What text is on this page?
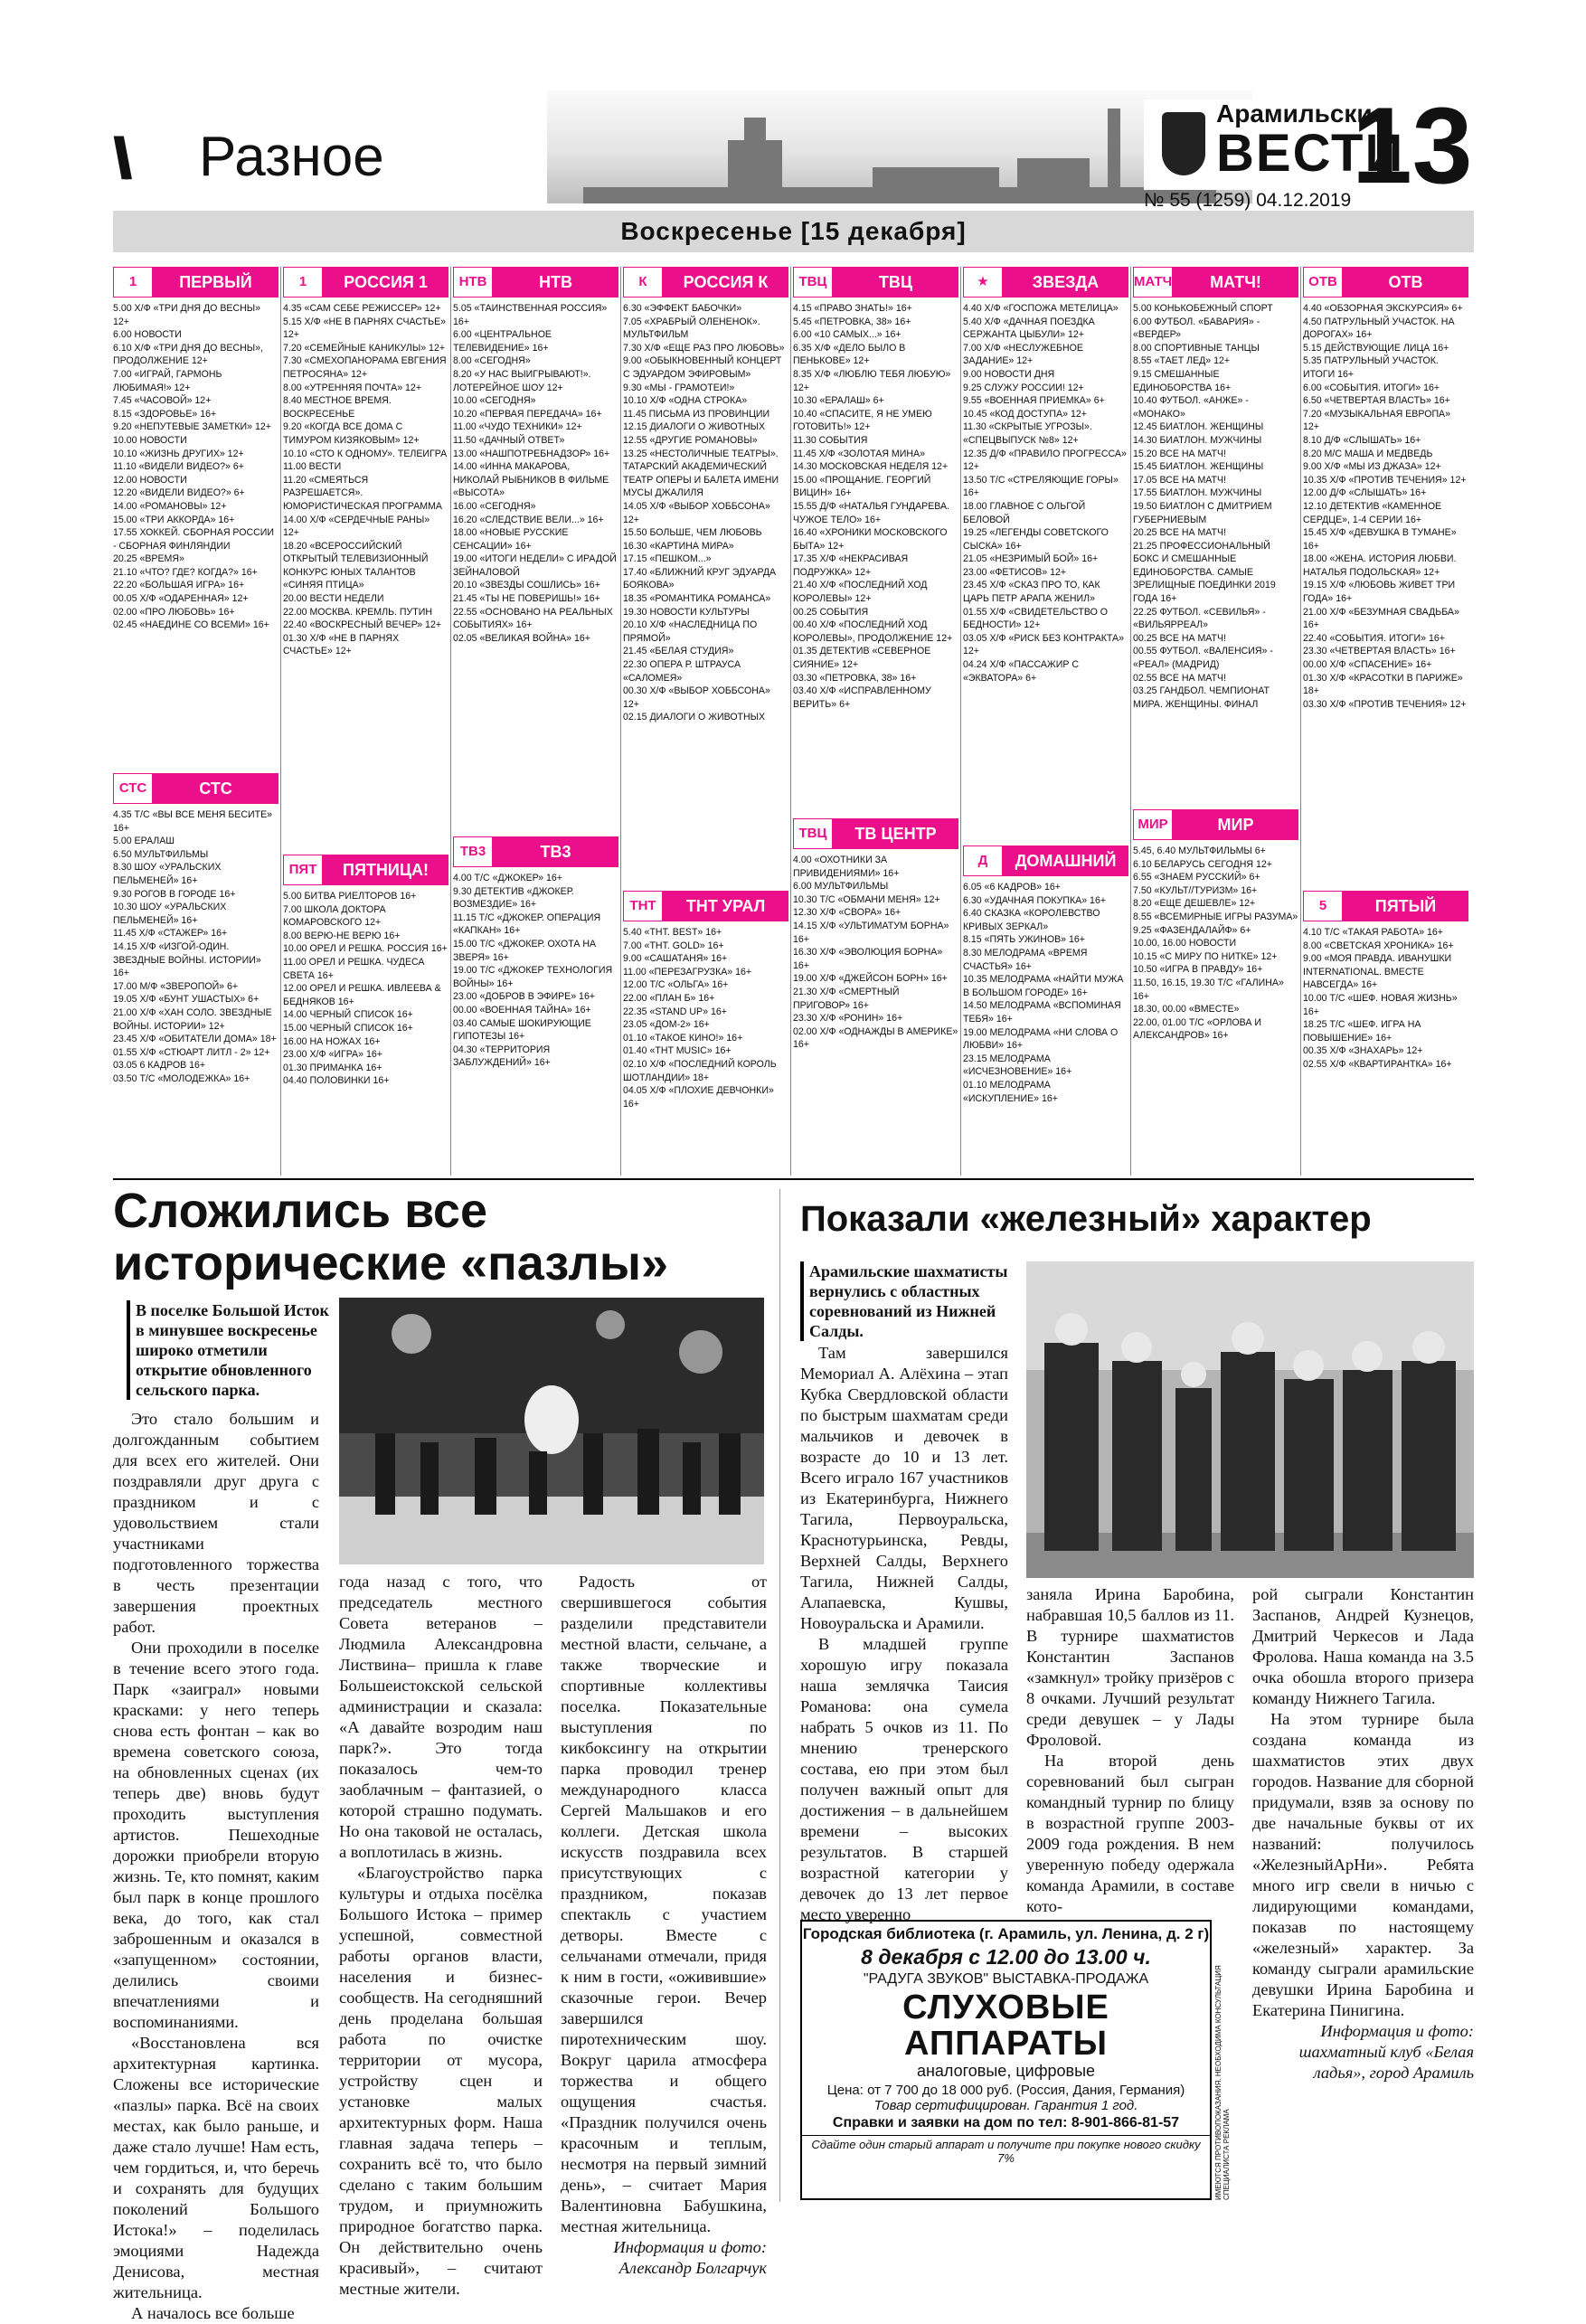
\\ Разное
Арамильские
ВЕСТИ
13
№ 55 (1259) 04.12.2019
Воскресенье [15 декабря]
1	ПЕРВЫЙ
5.00 Х/Ф «ТРИ ДНЯ ДО ВЕСНЫ» 12+
6.00 НОВОСТИ
6.10 Х/Ф «ТРИ ДНЯ ДО ВЕСНЫ», ПРОДОЛЖЕНИЕ 12+
7.00 «ИГРАЙ, ГАРМОНЬ ЛЮБИМАЯ!» 12+
7.45 «ЧАСОВОЙ» 12+
8.15 «ЗДОРОВЬЕ» 16+
9.20 «НЕПУТЕВЫЕ ЗАМЕТКИ» 12+
10.00 НОВОСТИ
10.10 «ЖИЗНЬ ДРУГИХ» 12+
11.10 «ВИДЕЛИ ВИДЕО?» 6+
12.00 НОВОСТИ
12.20 «ВИДЕЛИ ВИДЕО?» 6+
14.00 «РОМАНОВЫ» 12+
15.00 «ТРИ АККОРДА» 16+
17.55 ХОККЕЙ. СБОРНАЯ РОССИИ - СБОРНАЯ ФИНЛЯНДИИ
20.25 «ВРЕМЯ»
21.10 «ЧТО? ГДЕ? КОГДА?» 16+
22.20 «БОЛЬШАЯ ИГРА» 16+
00.05 Х/Ф «ОДАРЕННАЯ» 12+
02.00 «ПРО ЛЮБОВЬ» 16+
02.45 «НАЕДИНЕ СО ВСЕМИ» 16+
СТС	СТС
4.35 Т/С «ВЫ ВСЕ МЕНЯ БЕСИТЕ» 16+
5.00 ЕРАЛАШ
6.50 МУЛЬТФИЛЬМЫ
8.30 ШОУ «УРАЛЬСКИХ ПЕЛЬМЕНЕЙ» 16+
9.30 РОГОВ В ГОРОДЕ 16+
10.30 ШОУ «УРАЛЬСКИХ ПЕЛЬМЕНЕЙ» 16+
11.45 Х/Ф «СТАЖЕР» 16+
14.15 Х/Ф «ИЗГОЙ-ОДИН. ЗВЕЗДНЫЕ ВОЙНЫ. ИСТОРИИ» 16+
17.00 М/Ф «ЗВЕРОПОЙ» 6+
19.05 Х/Ф «БУНТ УШАСТЫХ» 6+
21.00 Х/Ф «ХАН СОЛО. ЗВЕЗДНЫЕ ВОЙНЫ. ИСТОРИИ» 12+
23.45 Х/Ф «ОБИТАТЕЛИ ДОМА» 18+
01.55 Х/Ф «СТЮАРТ ЛИТЛ - 2» 12+
03.05 6 КАДРОВ 16+
03.50 Т/С «МОЛОДЕЖКА» 16+
1	РОССИЯ 1
4.35 «САМ СЕБЕ РЕЖИССЕР» 12+
5.15 Х/Ф «НЕ В ПАРНЯХ СЧАСТЬЕ» 12+
7.20 «СЕМЕЙНЫЕ КАНИКУЛЫ» 12+
7.30 «СМЕХОПАНОРАМА ЕВГЕНИЯ ПЕТРОСЯНА» 12+
8.00 «УТРЕННЯЯ ПОЧТА» 12+
8.40 МЕСТНОЕ ВРЕМЯ. ВОСКРЕСЕНЬЕ
9.20 «КОГДА ВСЕ ДОМА С ТИМУРОМ КИЗЯКОВЫМ» 12+
10.10 «СТО К ОДНОМУ». ТЕЛЕИГРА
11.00 ВЕСТИ
11.20 «СМЕЯТЬСЯ РАЗРЕШАЕТСЯ». ЮМОРИСТИЧЕСКАЯ ПРОГРАММА
14.00 Х/Ф «СЕРДЕЧНЫЕ РАНЫ» 12+
18.20 «ВСЕРОССИЙСКИЙ ОТКРЫТЫЙ ТЕЛЕВИЗИОННЫЙ КОНКУРС ЮНЫХ ТАЛАНТОВ «СИНЯЯ ПТИЦА»
20.00 ВЕСТИ НЕДЕЛИ
22.00 МОСКВА. КРЕМЛЬ. ПУТИН
22.40 «ВОСКРЕСНЫЙ ВЕЧЕР» 12+
01.30 Х/Ф «НЕ В ПАРНЯХ СЧАСТЬЕ» 12+
ПЯТ	ПЯТНИЦА!
5.00 БИТВА РИЕЛТОРОВ 16+
7.00 ШКОЛА ДОКТОРА КОМАРОВСКОГО 12+
8.00 ВЕРЮ-НЕ ВЕРЮ 16+
10.00 ОРЕЛ И РЕШКА. РОССИЯ 16+
11.00 ОРЕЛ И РЕШКА. ЧУДЕСА СВЕТА 16+
12.00 ОРЕЛ И РЕШКА. ИВЛЕЕВА & БЕДНЯКОВ 16+
14.00 ЧЕРНЫЙ СПИСОК 16+
15.00 ЧЕРНЫЙ СПИСОК 16+
16.00 НА НОЖАХ 16+
23.00 Х/Ф «ИГРА» 16+
01.30 ПРИМАНКА 16+
04.40 ПОЛОВИНКИ 16+
НТВ	НТВ
5.05 «ТАИНСТВЕННАЯ РОССИЯ» 16+
6.00 «ЦЕНТРАЛЬНОЕ ТЕЛЕВИДЕНИЕ» 16+
8.00 «СЕГОДНЯ»
8.20 «У НАС ВЫИГРЫВАЮТ!». ЛОТЕРЕЙНОЕ ШОУ 12+
10.00 «СЕГОДНЯ»
10.20 «ПЕРВАЯ ПЕРЕДАЧА» 16+
11.00 «ЧУДО ТЕХНИКИ» 12+
11.50 «ДАЧНЫЙ ОТВЕТ»
13.00 «НАШПОТРЕБНАДЗОР» 16+
14.00 «ИННА МАКАРОВА, НИКОЛАЙ РЫБНИКОВ В ФИЛЬМЕ «ВЫСОТА»
16.00 «СЕГОДНЯ»
16.20 «СЛЕДСТВИЕ ВЕЛИ...» 16+
18.00 «НОВЫЕ РУССКИЕ СЕНСАЦИИ» 16+
19.00 «ИТОГИ НЕДЕЛИ» С ИРАДОЙ ЗЕЙНАЛОВОЙ
20.10 «ЗВЕЗДЫ СОШЛИСЬ» 16+
21.45 «ТЫ НЕ ПОВЕРИШЬ!» 16+
22.55 «ОСНОВАНО НА РЕАЛЬНЫХ СОБЫТИЯХ» 16+
02.05 «ВЕЛИКАЯ ВОЙНА» 16+
ТВ3	ТВ3
4.00 Т/С «ДЖОКЕР» 16+
9.30 ДЕТЕКТИВ «ДЖОКЕР. ВОЗМЕЗДИЕ» 16+
11.15 Т/С «ДЖОКЕР. ОПЕРАЦИЯ «КАПКАН» 16+
15.00 Т/С «ДЖОКЕР. ОХОТА НА ЗВЕРЯ» 16+
19.00 Т/С «ДЖОКЕР ТЕХНОЛОГИЯ ВОЙНЫ» 16+
23.00 «ДОБРОВ В ЭФИРЕ» 16+
00.00 «ВОЕННАЯ ТАЙНА» 16+
03.40 САМЫЕ ШОКИРУЮЩИЕ ГИПОТЕЗЫ 16+
04.30 «ТЕРРИТОРИЯ ЗАБЛУЖДЕНИЙ» 16+
К	РОССИЯ К
6.30 «ЭФФЕКТ БАБОЧКИ»
7.05 «ХРАБРЫЙ ОЛЕНЕНОК». МУЛЬТФИЛЬМ
7.30 Х/Ф «ЕЩЕ РАЗ ПРО ЛЮБОВЬ»
9.00 «ОБЫКНОВЕННЫЙ КОНЦЕРТ С ЭДУАРДОМ ЭФИРОВЫМ»
9.30 «МЫ - ГРАМОТЕИ!»
10.10 Х/Ф «ОДНА СТРОКА»
11.45 ПИСЬМА ИЗ ПРОВИНЦИИ
12.15 ДИАЛОГИ О ЖИВОТНЫХ
12.55 «ДРУГИЕ РОМАНОВЫ»
13.25 «НЕСТОЛИЧНЫЕ ТЕАТРЫ». ТАТАРСКИЙ АКАДЕМИЧЕСКИЙ ТЕАТР ОПЕРЫ И БАЛЕТА ИМЕНИ МУСЫ ДЖАЛИЛЯ
14.05 Х/Ф «ВЫБОР ХОББСОНА» 12+
15.50 БОЛЬШЕ, ЧЕМ ЛЮБОВЬ
16.30 «КАРТИНА МИРА»
17.15 «ПЕШКОМ...»
17.40 «БЛИЖНИЙ КРУГ ЭДУАРДА БОЯКОВА»
18.35 «РОМАНТИКА РОМАНСА»
19.30 НОВОСТИ КУЛЬТУРЫ
20.10 Х/Ф «НАСЛЕДНИЦА ПО ПРЯМОЙ»
21.45 «БЕЛАЯ СТУДИЯ»
22.30 ОПЕРА Р. ШТРАУСА «САЛОМЕЯ»
00.30 Х/Ф «ВЫБОР ХОББСОНА» 12+
02.15 ДИАЛОГИ О ЖИВОТНЫХ
ТНТ	ТНТ УРАЛ
5.40 «ТНТ. BEST» 16+
7.00 «ТНТ. GOLD» 16+
9.00 «САШАТАНЯ» 16+
11.00 «ПЕРЕЗАГРУЗКА» 16+
12.00 Т/С «ОЛЬГА» 16+
22.00 «ПЛАН Б» 16+
22.35 «STAND UP» 16+
23.05 «ДОМ-2» 16+
01.10 «ТАКОЕ КИНО!» 16+
01.40 «THT MUSIC» 16+
02.10 Х/Ф «ПОСЛЕДНИЙ КОРОЛЬ ШОТЛАНДИИ» 18+
04.05 Х/Ф «ПЛОХИЕ ДЕВЧОНКИ» 16+
ТВЦ	ТВЦ
4.15 «ПРАВО ЗНАТЬ!» 16+
5.45 «ПЕТРОВКА, 38» 16+
6.00 «10 САМЫХ...» 16+
6.35 Х/Ф «ДЕЛО БЫЛО В ПЕНЬКОВЕ» 12+
8.35 Х/Ф «ЛЮБЛЮ ТЕБЯ ЛЮБУЮ» 12+
10.30 «ЕРАЛАШ» 6+
10.40 «СПАСИТЕ, Я НЕ УМЕЮ ГОТОВИТЬ!» 12+
11.30 СОБЫТИЯ
11.45 Х/Ф «ЗОЛОТАЯ МИНА»
14.30 МОСКОВСКАЯ НЕДЕЛЯ 12+
15.00 «ПРОЩАНИЕ. ГЕОРГИЙ ВИЦИН» 16+
15.55 Д/Ф «НАТАЛЬЯ ГУНДАРЕВА. ЧУЖОЕ ТЕЛО» 16+
16.40 «ХРОНИКИ МОСКОВСКОГО БЫТА» 12+
17.35 Х/Ф «НЕКРАСИВАЯ ПОДРУЖКА» 12+
21.40 Х/Ф «ПОСЛЕДНИЙ ХОД КОРОЛЕВЫ» 12+
00.25 СОБЫТИЯ
00.40 Х/Ф «ПОСЛЕДНИЙ ХОД КОРОЛЕВЫ», ПРОДОЛЖЕНИЕ 12+
01.35 ДЕТЕКТИВ «СЕВЕРНОЕ СИЯНИЕ» 12+
03.30 «ПЕТРОВКА, 38» 16+
03.40 Х/Ф «ИСПРАВЛЕННОМУ ВЕРИТЬ» 6+
ТВЦ	ТВ ЦЕНТР
4.00 «ОХОТНИКИ ЗА ПРИВИДЕНИЯМИ» 16+
6.00 МУЛЬТФИЛЬМЫ
10.30 Т/С «ОБМАНИ МЕНЯ» 12+
12.30 Х/Ф «СВОРА» 16+
14.15 Х/Ф «УЛЬТИМАТУМ БОРНА» 16+
16.30 Х/Ф «ЭВОЛЮЦИЯ БОРНА» 16+
19.00 Х/Ф «ДЖЕЙСОН БОРН» 16+
21.30 Х/Ф «СМЕРТНЫЙ ПРИГОВОР» 16+
23.30 Х/Ф «РОНИН» 16+
02.00 Х/Ф «ОДНАЖДЫ В АМЕРИКЕ» 16+
★	ЗВЕЗДА
4.40 Х/Ф «ГОСПОЖА МЕТЕЛИЦА»
5.40 Х/Ф «ДАЧНАЯ ПОЕЗДКА СЕРЖАНТА ЦЫБУЛИ» 12+
7.00 Х/Ф «НЕСЛУЖЕБНОЕ ЗАДАНИЕ» 12+
9.00 НОВОСТИ ДНЯ
9.25 СЛУЖУ РОССИИ! 12+
9.55 «ВОЕННАЯ ПРИЕМКА» 6+
10.45 «КОД ДОСТУПА» 12+
11.30 «СКРЫТЫЕ УГРОЗЫ». «СПЕЦВЫПУСК №8» 12+
12.35 Д/Ф «ПРАВИЛО ПРОГРЕССА» 12+
13.50 Т/С «СТРЕЛЯЮЩИЕ ГОРЫ» 16+
18.00 ГЛАВНОЕ С ОЛЬГОЙ БЕЛОВОЙ
19.25 «ЛЕГЕНДЫ СОВЕТСКОГО СЫСКА» 16+
21.05 «НЕЗРИМЫЙ БОЙ» 16+
23.00 «ФЕТИСОВ» 12+
23.45 Х/Ф «СКАЗ ПРО ТО, КАК ЦАРЬ ПЕТР АРАПА ЖЕНИЛ»
01.55 Х/Ф «СВИДЕТЕЛЬСТВО О БЕДНОСТИ» 12+
03.05 Х/Ф «РИСК БЕЗ КОНТРАКТА» 12+
04.24 Х/Ф «ПАССАЖИР С «ЭКВАТОРА» 6+
Д	ДОМАШНИЙ
6.05 «6 КАДРОВ» 16+
6.30 «УДАЧНАЯ ПОКУПКА» 16+
6.40 СКАЗКА «КОРОЛЕВСТВО КРИВЫХ ЗЕРКАЛ»
8.15 «ПЯТЬ УЖИНОВ» 16+
8.30 МЕЛОДРАМА «ВРЕМЯ СЧАСТЬЯ» 16+
10.35 МЕЛОДРАМА «НАЙТИ МУЖА В БОЛЬШОМ ГОРОДЕ» 16+
14.50 МЕЛОДРАМА «ВСПОМИНАЯ ТЕБЯ» 16+
19.00 МЕЛОДРАМА «НИ СЛОВА О ЛЮБВИ» 16+
23.15 МЕЛОДРАМА «ИСЧЕЗНОВЕНИЕ» 16+
01.10 МЕЛОДРАМА «ИСКУПЛЕНИЕ» 16+
МАТЧ	МАТЧ!
5.00 КОНЬКОБЕЖНЫЙ СПОРТ
6.00 ФУТБОЛ. «БАВАРИЯ» - «ВЕРДЕР»
8.00 СПОРТИВНЫЕ ТАНЦЫ
8.55 «ТАЕТ ЛЕД» 12+
9.15 СМЕШАННЫЕ ЕДИНОБОРСТВА 16+
10.40 ФУТБОЛ. «АНЖЕ» - «МОНАКО»
12.45 БИАТЛОН. ЖЕНЩИНЫ
14.30 БИАТЛОН. МУЖЧИНЫ
15.20 ВСЕ НА МАТЧ!
15.45 БИАТЛОН. ЖЕНЩИНЫ
17.05 ВСЕ НА МАТЧ!
17.55 БИАТЛОН. МУЖЧИНЫ
19.50 БИАТЛОН С ДМИТРИЕМ ГУБЕРНИЕВЫМ
20.25 ВСЕ НА МАТЧ!
21.25 ПРОФЕССИОНАЛЬНЫЙ БОКС И СМЕШАННЫЕ ЕДИНОБОРСТВА. САМЫЕ ЗРЕЛИЩНЫЕ ПОЕДИНКИ 2019 ГОДА 16+
22.25 ФУТБОЛ. «СЕВИЛЬЯ» - «ВИЛЬЯРРЕАЛ»
00.25 ВСЕ НА МАТЧ!
00.55 ФУТБОЛ. «ВАЛЕНСИЯ» - «РЕАЛ» (МАДРИД)
02.55 ВСЕ НА МАТЧ!
03.25 ГАНДБОЛ. ЧЕМПИОНАТ МИРА. ЖЕНЩИНЫ. ФИНАЛ
МИР	МИР
5.45, 6.40 МУЛЬТФИЛЬМЫ 6+
6.10 БЕЛАРУСЬ СЕГОДНЯ 12+
6.55 «ЗНАЕМ РУССКИЙ» 6+
7.50 «КУЛЬТ//ТУРИЗМ» 16+
8.20 «ЕЩЕ ДЕШЕВЛЕ» 12+
8.55 «ВСЕМИРНЫЕ ИГРЫ РАЗУМА»
9.25 «ФАЗЕНДАЛАЙФ» 6+
10.00, 16.00 НОВОСТИ
10.15 «С МИРУ ПО НИТКЕ» 12+
10.50 «ИГРА В ПРАВДУ» 16+
11.50, 16.15, 19.30 Т/С «ГАЛИНА» 16+
18.30, 00.00 «ВМЕСТЕ»
22.00, 01.00 Т/С «ОРЛОВА И АЛЕКСАНДРОВ» 16+
ОТВ	ОТВ
4.40 «ОБЗОРНАЯ ЭКСКУРСИЯ» 6+
4.50 ПАТРУЛЬНЫЙ УЧАСТОК. НА ДОРОГАХ» 16+
5.15 ДЕЙСТВУЮЩИЕ ЛИЦА 16+
5.35 ПАТРУЛЬНЫЙ УЧАСТОК. ИТОГИ 16+
6.00 «СОБЫТИЯ. ИТОГИ» 16+
6.50 «ЧЕТВЕРТАЯ ВЛАСТЬ» 16+
7.20 «МУЗЫКАЛЬНАЯ ЕВРОПА» 12+
8.10 Д/Ф «СЛЫШАТЬ» 16+
8.20 М/С МАША И МЕДВЕДЬ
9.00 Х/Ф «МЫ ИЗ ДЖАЗА» 12+
10.35 Х/Ф «ПРОТИВ ТЕЧЕНИЯ» 12+
12.00 Д/Ф «СЛЫШАТЬ» 16+
12.10 ДЕТЕКТИВ «КАМЕННОЕ СЕРДЦЕ», 1-4 СЕРИИ 16+
15.45 Х/Ф «ДЕВУШКА В ТУМАНЕ» 16+
18.00 «ЖЕНА. ИСТОРИЯ ЛЮБВИ. НАТАЛЬЯ ПОДОЛЬСКАЯ» 12+
19.15 Х/Ф «ЛЮБОВЬ ЖИВЕТ ТРИ ГОДА» 16+
21.00 Х/Ф «БЕЗУМНАЯ СВАДЬБА» 16+
22.40 «СОБЫТИЯ. ИТОГИ» 16+
23.30 «ЧЕТВЕРТАЯ ВЛАСТЬ» 16+
00.00 Х/Ф «СПАСЕНИЕ» 16+
01.30 Х/Ф «КРАСОТКИ В ПАРИЖЕ» 18+
03.30 Х/Ф «ПРОТИВ ТЕЧЕНИЯ» 12+
5	ПЯТЫЙ
4.10 Т/С «ТАКАЯ РАБОТА» 16+
8.00 «СВЕТСКАЯ ХРОНИКА» 16+
9.00 «МОЯ ПРАВДА. ИВАНУШКИ INTERNATIONAL. ВМЕСТЕ НАВСЕГДА» 16+
10.00 Т/С «ШЕФ. НОВАЯ ЖИЗНЬ» 16+
18.25 Т/С «ШЕФ. ИГРА НА ПОВЫШЕНИЕ» 16+
00.35 Х/Ф «ЗНАХАРЬ» 12+
02.55 Х/Ф «КВАРТИРАНТКА» 16+
Сложились все исторические «пазлы»
В поселке Большой Исток в минувшее воскресенье широко отметили открытие обновленного сельского парка.

Это стало большим и долгожданным событием для всех его жителей. Они поздравляли друг друга с праздником и с удовольствием стали участниками подготовленного торжества в честь презентации завершения проектных работ.

Они проходили в поселке в течение всего этого года. Парк «заиграл» новыми красками: у него теперь снова есть фонтан – как во времена советского союза, на обновленных сценах (их теперь две) вновь будут проходить выступления артистов. Пешеходные дорожки приобрели вторую жизнь. Те, кто помнят, каким был парк в конце прошлого века, до того, как стал заброшенным и оказался в «запущенном» состоянии, делились своими впечатлениями и воспоминаниями.

«Восстановлена вся архитектурная картинка. Сложены все исторические «пазлы» парка. Всё на своих местах, как было раньше, и даже стало лучше! Нам есть, чем гордиться, и, что беречь и сохранять для будущих поколений Большого Истока!» – поделилась эмоциями Надежда Денисова, местная жительница.

А началось все больше

года назад с того, что председатель местного Совета ветеранов – Людмила Александровна Листвина– пришла к главе Большеистокской сельской администрации и сказала: «А давайте возродим наш парк?». Это тогда показалось чем-то заоблачным – фантазией, о которой страшно подумать. Но она таковой не осталась, а воплотилась в жизнь.

«Благоустройство парка культуры и отдыха посёлка Большого Истока – пример успешной, совместной работы органов власти, населения и бизнес-сообществ. На сегодняшний день проделана большая работа по очистке территории от мусора, устройству сцен и установке малых архитектурных форм. Наша главная задача теперь – сохранить всё то, что было сделано с таким большим трудом, и приумножить природное богатство парка. Он действительно очень красивый», – считают местные жители.

Радость от свершившегося события разделили представители местной власти, сельчане, а также творческие и спортивные коллективы поселка. Показательные выступления по кикбоксингу на открытии парка проводил тренер международного класса Сергей Мальшаков и его коллеги. Детская школа искусств поздравила всех присутствующих с праздником, показав спектакль с участием детворы. Вместе с сельчанами отмечали, придя к ним в гости, «оживившие» сказочные герои. Вечер завершился пиротехническим шоу. Вокруг царила атмосфера торжества и общего ощущения счастья. «Праздник получился очень красочным и теплым, несмотря на первый зимний день», – считает Мария Валентиновна Бабушкина, местная жительница.

Информация и фото:

Александр Болгарчук

Показали «железный» характер
Арамильские шахматисты вернулись с областных соревнований из Нижней Салды.

Там завершился Мемориал А. Алёхина – этап Кубка Свердловской области по быстрым шахматам среди мальчиков и девочек в возрасте до 10 и 13 лет. Всего играло 167 участников из Екатеринбурга, Нижнего Тагила, Первоуральска, Краснотурьинска, Ревды, Верхней Салды, Верхнего Тагила, Нижней Салды, Алапаевска, Кушвы, Новоуральска и Арамили.

В младшей группе хорошую игру показала наша землячка Таисия Романова: она сумела набрать 5 очков из 11. По мнению тренерского состава, ею при этом был получен важный опыт для достижения – в дальнейшем времени – высоких результатов. В старшей возрастной категории у девочек до 13 лет первое место уверенно

заняла Ирина Баробина, набравшая 10,5 баллов из 11. В турнире шахматистов Константин Заспанов «замкнул» тройку призёров с 8 очками. Лучший результат среди девушек – у Лады Фроловой.

На второй день соревнований был сыгран командный турнир по блицу в возрастной группе 2003-2009 года рождения. В нем уверенную победу одержала команда Арамили, в составе кото-

рой сыграли Константин Заспанов, Андрей Кузнецов, Дмитрий Черкесов и Лада Фролова. Наша команда на 3.5 очка обошла второго призера команду Нижнего Тагила.

На этом турнире была создана команда из шахматистов этих двух городов. Название для сборной придумали, взяв за основу по две начальные буквы от их названий: получилось «ЖелезныйАрНи». Ребята много игр свели в ничью с лидирующими командами, показав по настоящему «железный» характер. За команду сыграли арамильские девушки Ирина Баробина и Екатерина Пинигина.

Информация и фото:

шахматный клуб «Белая ладья», город Арамиль

Городская библиотека (г. Арамиль, ул. Ленина, д. 2 г)
8 декабря с 12.00 до 13.00 ч.
"РАДУГА ЗВУКОВ" ВЫСТАВКА-ПРОДАЖА
СЛУХОВЫЕ АППАРАТЫ
аналоговые, цифровые
Цена: от 7 700 до 18 000 руб. (Россия, Дания, Германия)
Товар сертифицирован. Гарантия 1 год.
Справки и заявки на дом по тел: 8-901-866-81-57
Сдайте один старый аппарат и получите при покупке нового скидку 7%	ИМЕЮТСЯ ПРОТИВОПОКАЗАНИЯ. НЕОБХОДИМА КОНСУЛЬТАЦИЯ СПЕЦИАЛИСТА РЕКЛАМА
